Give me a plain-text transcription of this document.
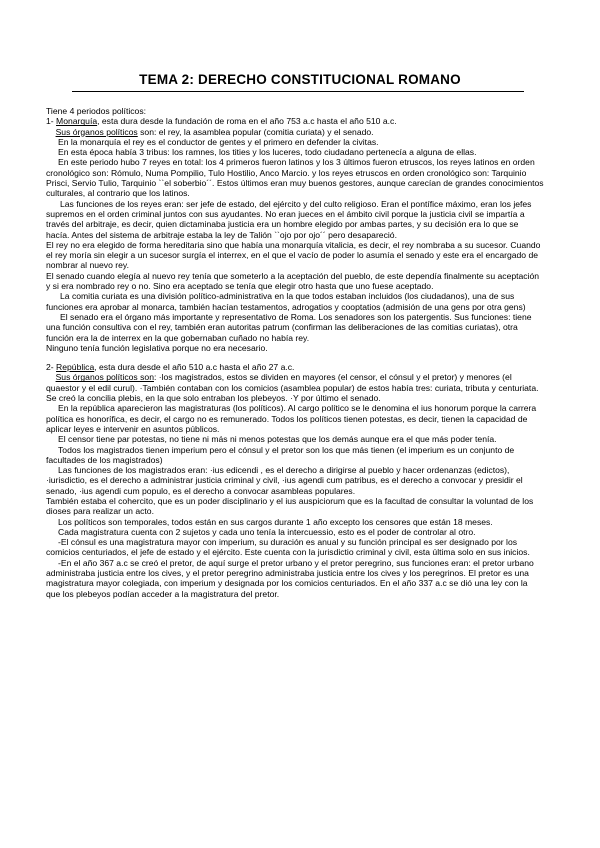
TEMA 2: DERECHO CONSTITUCIONAL ROMANO

Tiene 4 periodos políticos:

1- Monarquía, esta dura desde la fundación de roma en el año 753 a.c hasta el año 510 a.c.

Sus órganos políticos son: el rey, la asamblea popular (comitia curiata) y el senado.

En la monarquía el rey es el conductor de gentes y el primero en defender la civitas.

En esta época había 3 tribus: los ramnes, los tities y los luceres, todo ciudadano pertenecía a alguna de ellas.

En este periodo hubo 7 reyes en total: los 4 primeros fueron latinos y los 3 últimos fueron etruscos, los reyes latinos en orden cronológico son: Rómulo, Numa Pompilio, Tulo Hostilio, Anco Marcio. y los reyes etruscos en orden cronológico son: Tarquinio Prisci, Servio Tulio, Tarquinio ``el soberbio´´. Estos últimos eran muy buenos gestores, aunque carecían de grandes conocimientos culturales, al contrario que los latinos.

Las funciones de los reyes eran: ser jefe de estado, del ejército y del culto religioso. Eran el pontífice máximo, eran los jefes supremos en el orden criminal juntos con sus ayudantes. No eran jueces en el ámbito civil porque la justicia civil se impartía a través del arbitraje, es decir, quien dictaminaba justicia era un hombre elegido por ambas partes, y su decisión era lo que se hacía. Antes del sistema de arbitraje estaba la ley de Talión ``ojo por ojo´´ pero desapareció.

El rey no era elegido de forma hereditaria sino que había una monarquía vitalicia, es decir, el rey nombraba a su sucesor. Cuando el rey moría sin elegir a un sucesor surgía el interrex, en el que el vacío de poder lo asumía el senado y este era el encargado de nombrar al nuevo rey.

El senado cuando elegía al nuevo rey tenía que someterlo a la aceptación del pueblo, de este dependía finalmente su aceptación y si era nombrado rey o no. Sino era aceptado se tenía que elegir otro hasta que uno fuese aceptado.

La comitia curiata es una división político-administrativa en la que todos estaban incluidos (los ciudadanos), una de sus funciones era aprobar al monarca, también hacían testamentos, adrogatios y cooptatios (admisión de una gens por otra gens)

El senado era el órgano más importante y representativo de Roma. Los senadores son los patergentis. Sus funciones: tiene una función consultiva con el rey, también eran autoritas patrum (confirman las deliberaciones de las comitias curiatas), otra función era la de interrex en la que gobernaban cuñado no había rey.

Ninguno tenía función legislativa porque no era necesario.

2- República, esta dura desde el año 510 a.c hasta el año 27 a.c.

Sus órganos políticos son: ·los magistrados, estos se dividen en mayores (el censor, el cónsul y el pretor) y menores (el quaestor y el edil curul). ·También contaban con los comicios (asamblea popular) de estos había tres: curiata, tributa y centuriata. Se creó la concilia plebis, en la que solo entraban los plebeyos. ·Y por último el senado.

En la república aparecieron las magistraturas (los políticos). Al cargo político se le denomina el ius honorum porque la carrera política es honorífica, es decir, el cargo no es remunerado. Todos los políticos tienen potestas, es decir, tienen la capacidad de aplicar leyes e intervenir en asuntos públicos.

El censor tiene par potestas, no tiene ni más ni menos potestas que los demás aunque era el que más poder tenía.

Todos los magistrados tienen imperium pero el cónsul y el pretor son los que más tienen (el imperium es un conjunto de facultades de los magistrados)

Las funciones de los magistrados eran: ·ius edicendi , es el derecho a dirigirse al pueblo y hacer ordenanzas (edictos), ·iurisdictio, es el derecho a administrar justicia criminal y civil, ·ius agendi cum patribus, es el derecho a convocar y presidir el senado, ·ius agendi cum populo, es el derecho a convocar asambleas populares.

También estaba el cohercito, que es un poder disciplinario y el ius auspiciorum que es la facultad de consultar la voluntad de los dioses para realizar un acto.

Los políticos son temporales, todos están en sus cargos durante 1 año excepto los censores que están 18 meses.

Cada magistratura cuenta con 2 sujetos y cada uno tenía la intercuessio, esto es el poder de controlar al otro.

-El cónsul es una magistratura mayor con imperium, su duración es anual y su función principal es ser designado por los comicios centuriados, el jefe de estado y el ejército. Este cuenta con la jurisdictio criminal y civil, esta última solo en sus inicios.

-En el año 367 a.c se creó el pretor, de aquí surge el pretor urbano y el pretor peregrino, sus funciones eran: el pretor urbano administraba justicia entre los cives, y el pretor peregrino administraba justicia entre los cives y los peregrinos. El pretor es una magistratura mayor colegiada, con imperium y designada por los comicios centuriados. En el año 337 a.c se dió una ley con la que los plebeyos podían acceder a la magistratura del pretor.
